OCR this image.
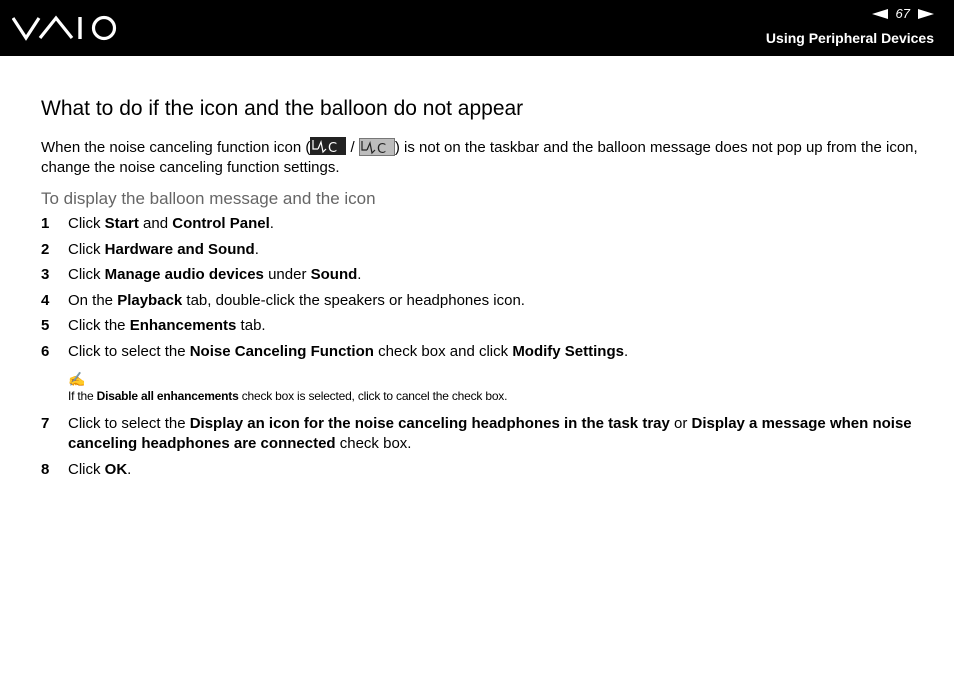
67
Using Peripheral Devices
What to do if the icon and the balloon do not appear

When the noise canceling function icon ( C / C ) is not on the taskbar and the balloon message does not pop up from the icon, change the noise canceling function settings.

To display the balloon message and the icon
1	Click Start and Control Panel.
2	Click Hardware and Sound.
3	Click Manage audio devices under Sound.
4	On the Playback tab, double-click the speakers or headphones icon.
5	Click the Enhancements tab.
6	Click to select the Noise Canceling Function check box and click Modify Settings.
✍
If the Disable all enhancements check box is selected, click to cancel the check box.
7	Click to select the Display an icon for the noise canceling headphones in the task tray or Display a message when noise canceling headphones are connected check box.
8	Click OK.
